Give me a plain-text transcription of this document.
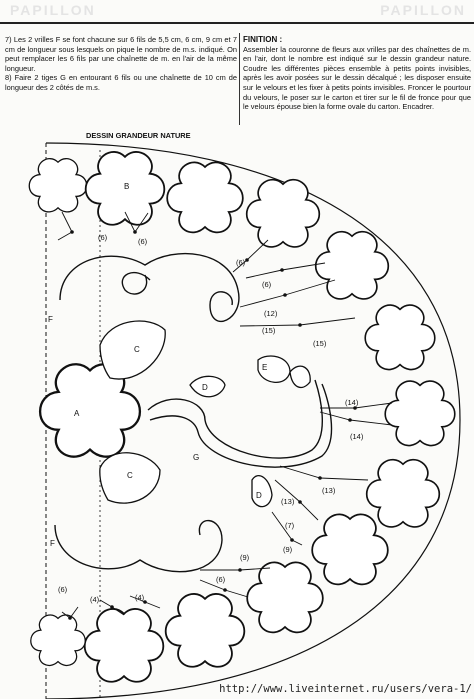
PAPILLON	PAPILLON

7) Les 2 vrilles F se font chacune sur 6 fils de 5,5 cm, 6 cm, 9 cm et 7 cm de longueur sous lesquels on pique le nombre de m.s. indiqué. On peut remplacer les 6 fils par une chaînette de m. en l'air de la même longueur.

8) Faire 2 tiges G en entourant 6 fils ou une chaînette de 10 cm de longueur des 2 côtés de m.s.

FINITION :

Assembler la couronne de fleurs aux vrilles par des chaînettes de m. en l'air, dont le nombre est indiqué sur le dessin grandeur nature. Coudre les différentes pièces ensemble à petits points invisibles, après les avoir posées sur le dessin décalqué ; les disposer ensuite sur le velours et les fixer à petits points invisibles. Froncer le pourtour du velours, le poser sur le carton et tirer sur le fil de fronce pour que le velours épouse bien la forme ovale du carton. Encadrer.

DESSIN GRANDEUR NATURE
B
A
C
C
D
D
E
F
F
G
(6)	(6)
(6)
(6)
(12)
(15)
(15)
(14)
(14)
(13)
(13)
(7)
(9)
(9)
(6)
(6)
(4)	(4)
http://www.liveinternet.ru/users/vera-1/
